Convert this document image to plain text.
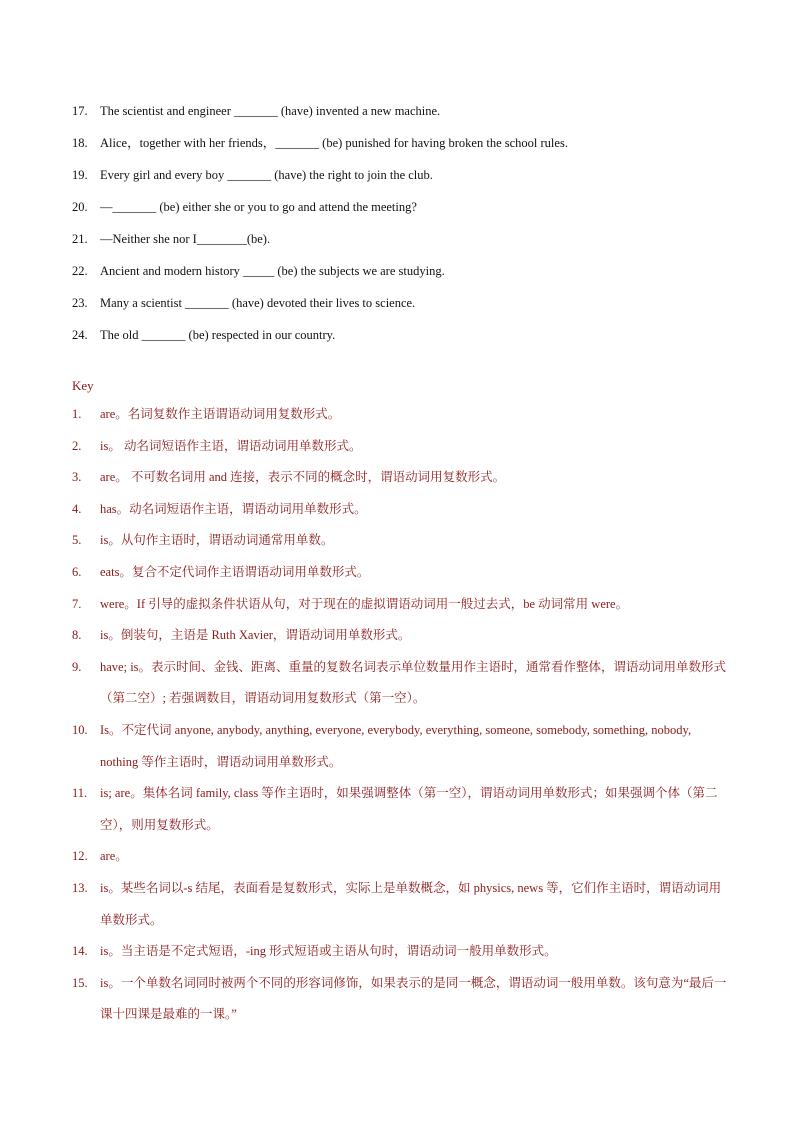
17. The scientist and engineer _______ (have) invented a new machine.
18. Alice，together with her friends，_______ (be) punished for having broken the school rules.
19. Every girl and every boy _______ (have) the right to join the club.
20. —_______ (be) either she or you to go and attend the meeting?
21. —Neither she nor I________(be).
22. Ancient and modern history _____ (be) the subjects we are studying.
23. Many a scientist _______ (have) devoted their lives to science.
24. The old _______ (be) respected in our country.
Key
1.	are。名词复数作主语谓语动词用复数形式。
2.	is。 动名词短语作主语，谓语动词用单数形式。
3.	are。 不可数名词用 and 连接，表示不同的概念时，谓语动词用复数形式。
4.	has。动名词短语作主语，谓语动词用单数形式。
5.	is。从句作主语时，谓语动词通常用单数。
6.	eats。复合不定代词作主语谓语动词用单数形式。
7.	were。If 引导的虚拟条件状语从句，对于现在的虚拟谓语动词用一般过去式，be 动词常用 were。
8.	is。倒装句，主语是 Ruth Xavier，谓语动词用单数形式。
9.	have; is。表示时间、金钱、距离、重量的复数名词表示单位数量用作主语时，通常看作整体，谓语动词用单数形式（第二空）; 若强调数目，谓语动词用复数形式（第一空）。
10. Is。不定代词 anyone, anybody, anything, everyone, everybody, everything, someone, somebody, something, nobody, nothing 等作主语时，谓语动词用单数形式。
11.	is; are。集体名词 family, class 等作主语时，如果强调整体（第一空），谓语动词用单数形式；如果强调个体（第二空），则用复数形式。
12. are。
13. is。某些名词以-s 结尾，表面看是复数形式，实际上是单数概念，如 physics, news 等，它们作主语时，谓语动词用单数形式。
14. is。当主语是不定式短语，-ing 形式短语或主语从句时，谓语动词一般用单数形式。
15. is。一个单数名词同时被两个不同的形容词修饰，如果表示的是同一概念，谓语动词一般用单数。该句意为“最后一课十四课是最难的一课。”
